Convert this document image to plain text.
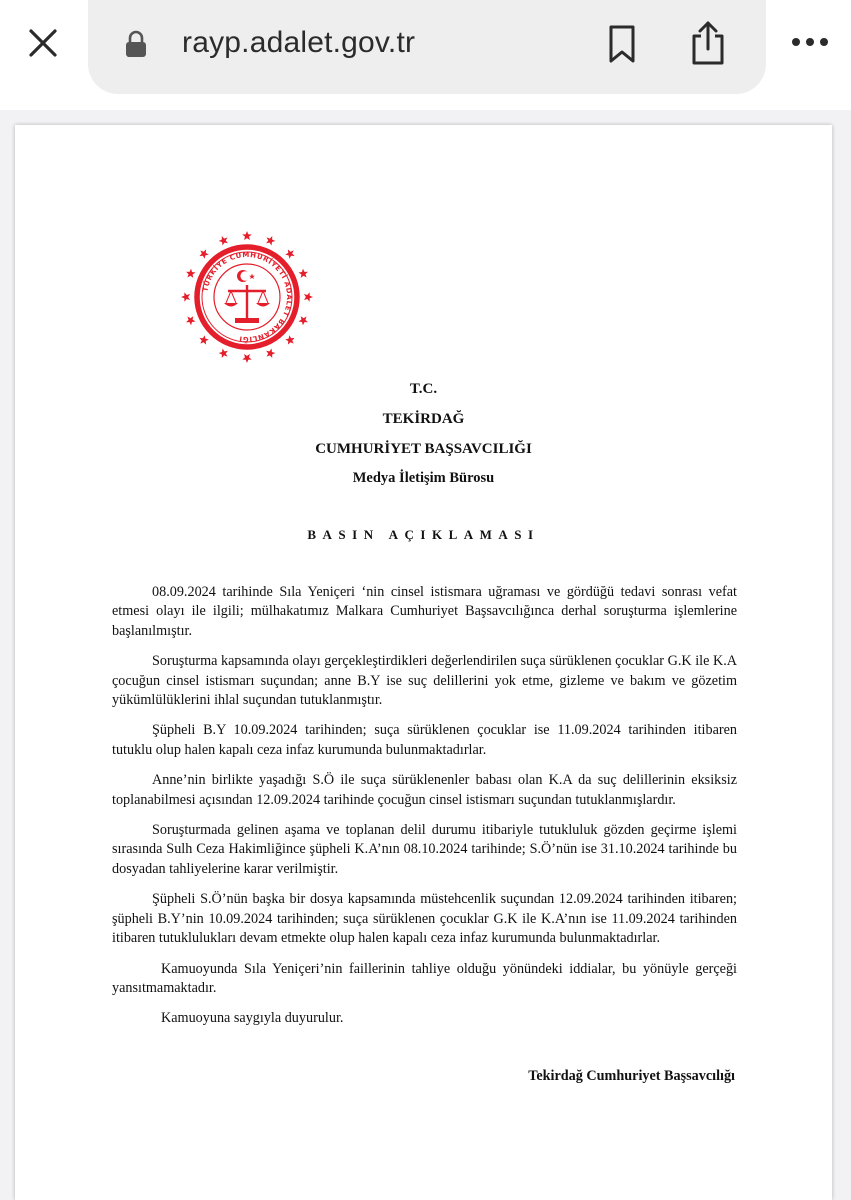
rayp.adalet.gov.tr
TÜRKİYE CUMHURİYETİ ADALET BAKANLIĞI
T.C.
TEKİRDAĞ
CUMHURİYET BAŞSAVCILIĞI
Medya İletişim Bürosu
BASIN AÇIKLAMASI

08.09.2024 tarihinde Sıla Yeniçeri ‘nin cinsel istismara uğraması ve gördüğü tedavi sonrası vefat etmesi olayı ile ilgili; mülhakatımız Malkara Cumhuriyet Başsavcılığınca derhal soruşturma işlemlerine başlanılmıştır.

Soruşturma kapsamında olayı gerçekleştirdikleri değerlendirilen suça sürüklenen çocuklar G.K ile K.A çocuğun cinsel istismarı suçundan; anne B.Y ise suç delillerini yok etme, gizleme ve bakım ve gözetim yükümlülüklerini ihlal suçundan tutuklanmıştır.

Şüpheli B.Y 10.09.2024 tarihinden; suça sürüklenen çocuklar ise 11.09.2024 tarihinden itibaren tutuklu olup halen kapalı ceza infaz kurumunda bulunmaktadırlar.

Anne’nin birlikte yaşadığı S.Ö ile suça sürüklenenler babası olan K.A da suç delillerinin eksiksiz toplanabilmesi açısından 12.09.2024 tarihinde çocuğun cinsel istismarı suçundan tutuklanmışlardır.

Soruşturmada gelinen aşama ve toplanan delil durumu itibariyle tutukluluk gözden geçirme işlemi sırasında Sulh Ceza Hakimliğince şüpheli K.A’nın 08.10.2024 tarihinde; S.Ö’nün ise 31.10.2024 tarihinde bu dosyadan tahliyelerine karar verilmiştir.

Şüpheli S.Ö’nün başka bir dosya kapsamında müstehcenlik suçundan 12.09.2024 tarihinden itibaren; şüpheli B.Y’nin 10.09.2024 tarihinden; suça sürüklenen çocuklar G.K ile K.A’nın ise 11.09.2024 tarihinden itibaren tutuklulukları devam etmekte olup halen kapalı ceza infaz kurumunda bulunmaktadırlar.

Kamuoyunda Sıla Yeniçeri’nin faillerinin tahliye olduğu yönündeki iddialar, bu yönüyle gerçeği yansıtmamaktadır.

Kamuoyuna saygıyla duyurulur.

Tekirdağ Cumhuriyet Başsavcılığı
